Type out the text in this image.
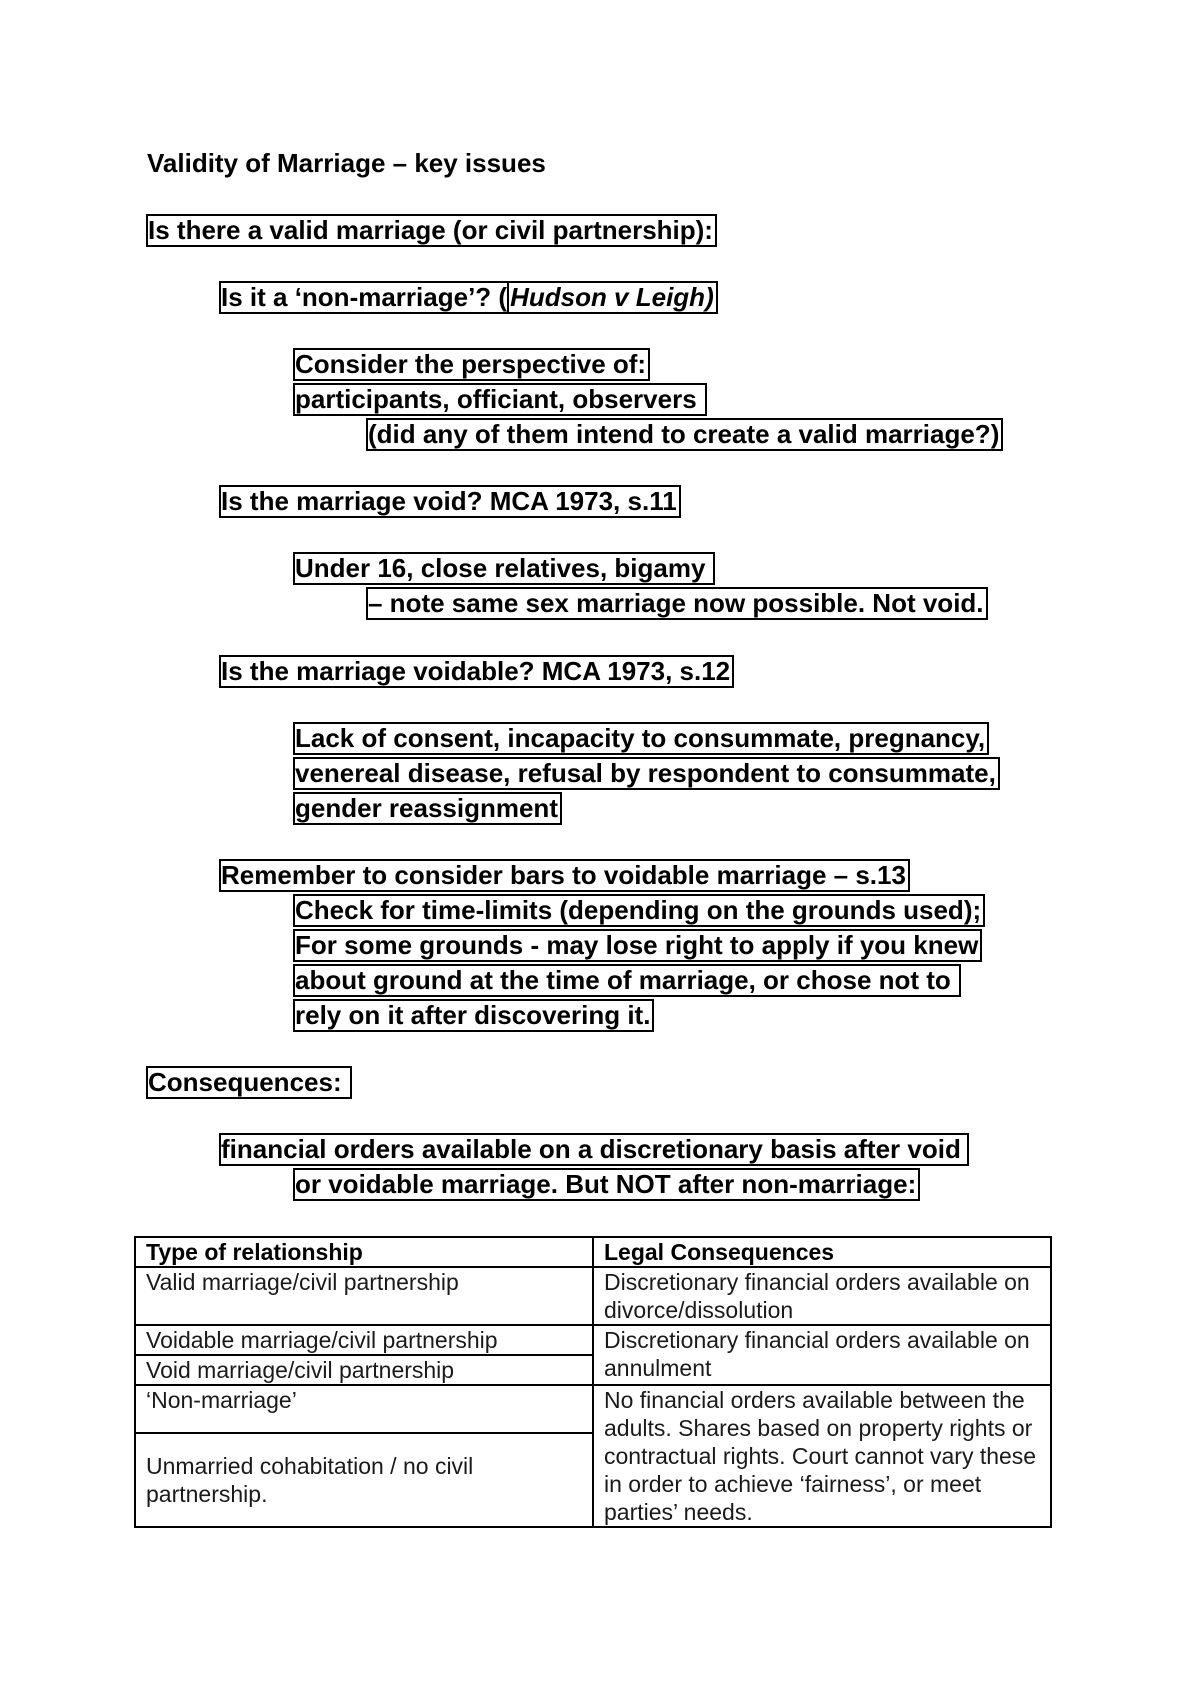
Validity of Marriage – key issues
Is there a valid marriage (or civil partnership):
Is it a ‘non-marriage’? ( Hudson v Leigh)
Consider the perspective of:
participants, officiant, observers
(did any of them intend to create a valid marriage?)
Is the marriage void? MCA 1973, s.11
Under 16, close relatives, bigamy
– note same sex marriage now possible. Not void.
Is the marriage voidable? MCA 1973, s.12
Lack of consent, incapacity to consummate, pregnancy,
venereal disease, refusal by respondent to consummate,
gender reassignment
Remember to consider bars to voidable marriage – s.13
Check for time-limits (depending on the grounds used);
For some grounds - may lose right to apply if you knew
about ground at the time of marriage, or chose not to
rely on it after discovering it.
Consequences:
financial orders available on a discretionary basis after void
or voidable marriage. But NOT after non-marriage:
Type of relationship	Legal Consequences
Valid marriage/civil partnership	Discretionary financial orders available on divorce/dissolution
Voidable marriage/civil partnership	Discretionary financial orders available on annulment
Void marriage/civil partnership	
‘Non-marriage’	No financial orders available between the adults. Shares based on property rights or contractual rights. Court cannot vary these in order to achieve ‘fairness’, or meet parties’ needs.
Unmarried cohabitation / no civil partnership.	
